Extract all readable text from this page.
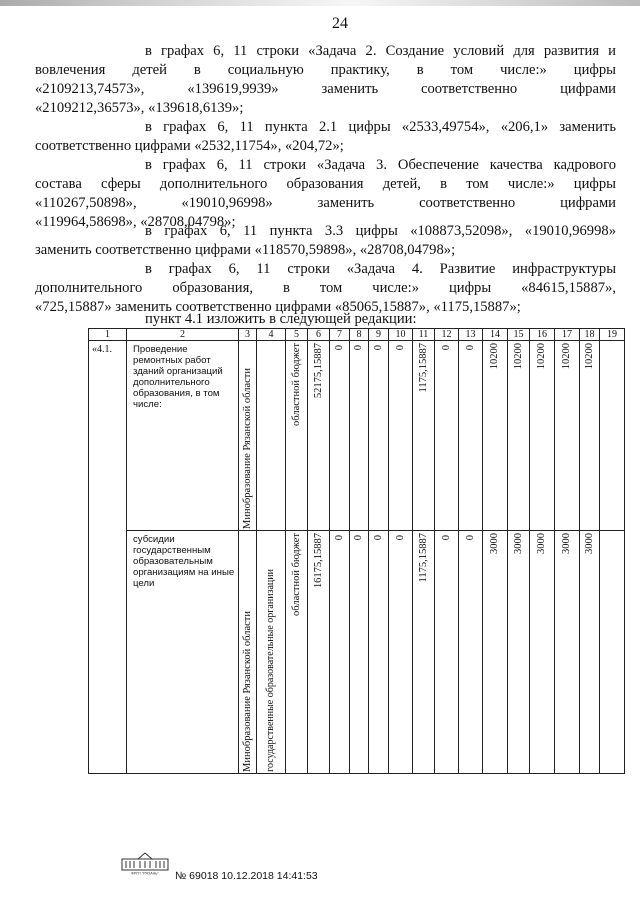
24
в графах 6, 11 строки «Задача 2. Создание условий для развития и
вовлечения детей в социальную практику, в том числе:» цифры
«2109213,74573», «139619,9939» заменить соответственно цифрами
«2109212,36573», «139618,6139»;
в графах 6, 11 пункта 2.1 цифры «2533,49754», «206,1» заменить
соответственно цифрами «2532,11754», «204,72»;
в графах 6, 11 строки «Задача 3. Обеспечение качества кадрового
состава сферы дополнительного образования детей, в том числе:» цифры
«110267,50898», «19010,96998» заменить соответственно цифрами
«119964,58698», «28708,04798»;
в графах 6, 11 пункта 3.3 цифры «108873,52098», «19010,96998»
заменить соответственно цифрами «118570,59898», «28708,04798»;
в графах 6, 11 строки «Задача 4. Развитие инфраструктуры
дополнительного образования, в том числе:» цифры «84615,15887»,
«725,15887» заменить соответственно цифрами «85065,15887», «1175,15887»;
пункт 4.1 изложить в следующей редакции:
1	2	3	4	5	6	7	8	9	10	11	12	13	14	15	16	17	18	19

«4.1.	Проведение ремонтных работ зданий организаций дополнительного образования, в том числе:	Минобразование Рязанской области		областной бюджет	52175,15887	0	0	0	0	1175,15887	0	0	10200	10200	10200	10200	10200	

	субсидии государственным образовательным организациям на иные цели	Минобразование Рязанской области	государственные образовательные организации	областной бюджет	16175,15887	0	0	0	0	1175,15887	0	0	3000	3000	3000	3000	3000	

ФРГП "РЯЗАНЬ" № 69018 10.12.2018 14:41:53
